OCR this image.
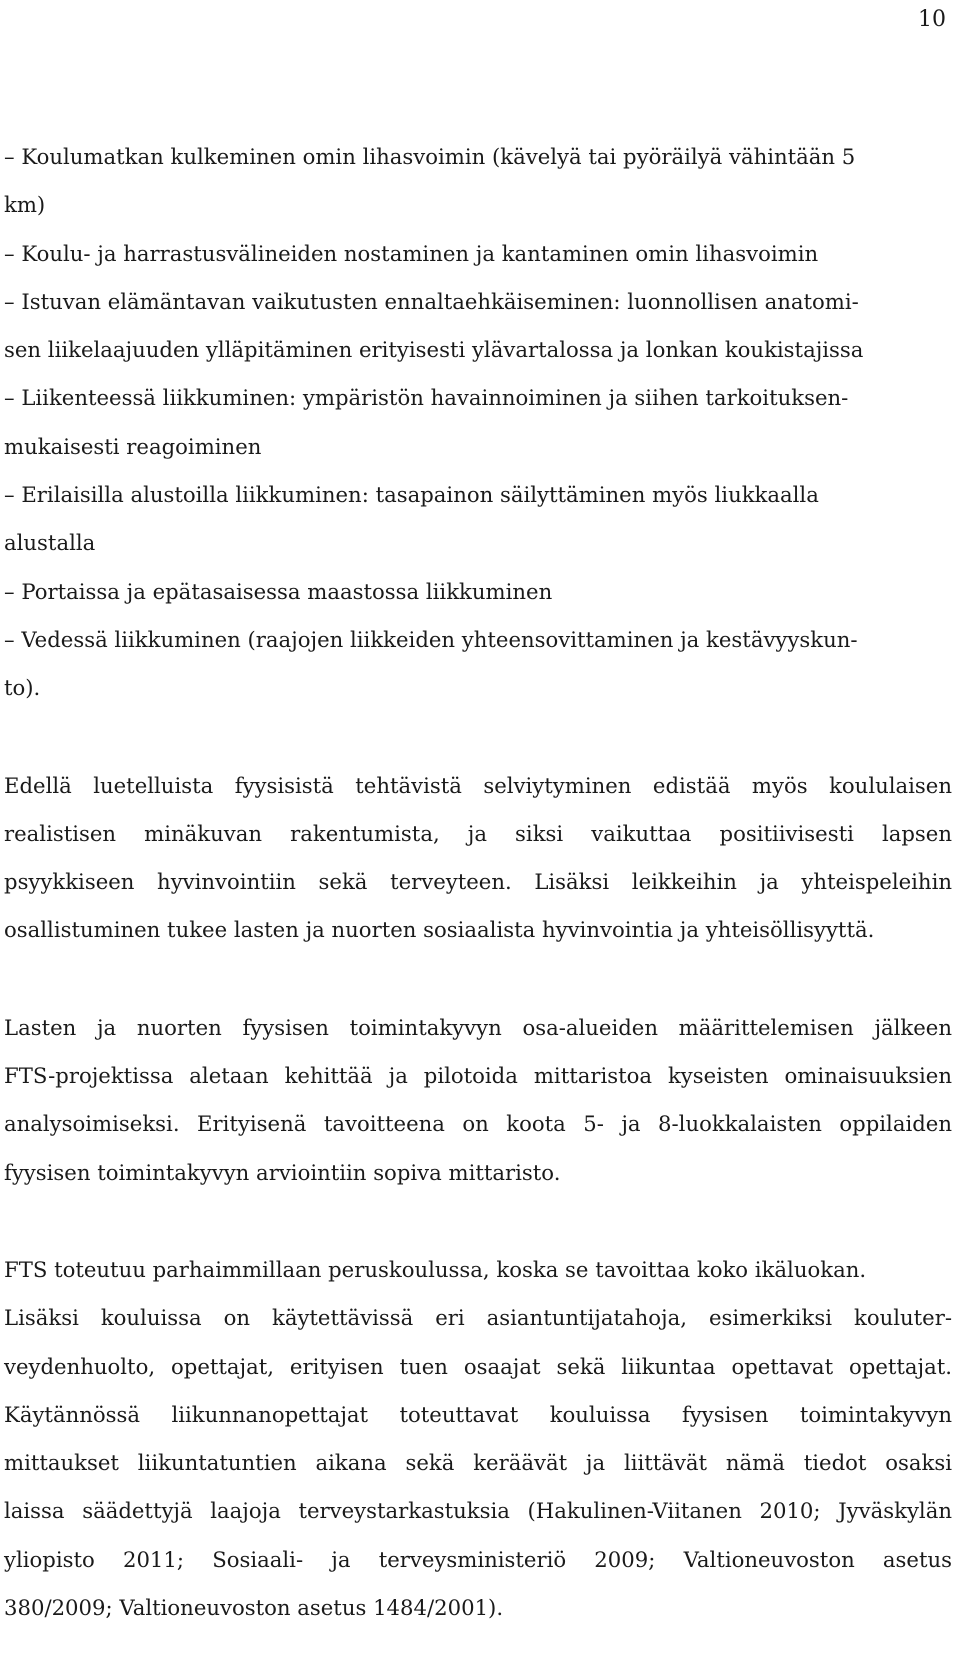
10
– Koulumatkan kulkeminen omin lihasvoimin (kävelyä tai pyöräilyä vähintään 5
km)
– Koulu- ja harrastusvälineiden nostaminen ja kantaminen omin lihasvoimin
– Istuvan elämäntavan vaikutusten ennaltaehkäiseminen: luonnollisen anatomi-
sen liikelaajuuden ylläpitäminen erityisesti ylävartalossa ja lonkan koukistajissa
– Liikenteessä liikkuminen: ympäristön havainnoiminen ja siihen tarkoituksen-
mukaisesti reagoiminen
– Erilaisilla alustoilla liikkuminen: tasapainon säilyttäminen myös liukkaalla
alustalla
– Portaissa ja epätasaisessa maastossa liikkuminen
– Vedessä liikkuminen (raajojen liikkeiden yhteensovittaminen ja kestävyyskun-
to).
Edellä luetelluista fyysisistä tehtävistä selviytyminen edistää myös koululaisen
realistisen minäkuvan rakentumista, ja siksi vaikuttaa positiivisesti lapsen
psyykkiseen hyvinvointiin sekä terveyteen. Lisäksi leikkeihin ja yhteispeleihin
osallistuminen tukee lasten ja nuorten sosiaalista hyvinvointia ja yhteisöllisyyttä.
Lasten ja nuorten fyysisen toimintakyvyn osa-alueiden määrittelemisen jälkeen
FTS-projektissa aletaan kehittää ja pilotoida mittaristoa kyseisten ominaisuuksien
analysoimiseksi. Erityisenä tavoitteena on koota 5- ja 8-luokkalaisten oppilaiden
fyysisen toimintakyvyn arviointiin sopiva mittaristo.
FTS toteutuu parhaimmillaan peruskoulussa, koska se tavoittaa koko ikäluokan.
Lisäksi kouluissa on käytettävissä eri asiantuntijatahoja, esimerkiksi kouluter-
veydenhuolto, opettajat, erityisen tuen osaajat sekä liikuntaa opettavat opettajat.
Käytännössä liikunnanopettajat toteuttavat kouluissa fyysisen toimintakyvyn
mittaukset liikuntatuntien aikana sekä keräävät ja liittävät nämä tiedot osaksi
laissa säädettyjä laajoja terveystarkastuksia (Hakulinen-Viitanen 2010; Jyväskylän
yliopisto 2011; Sosiaali- ja terveysministeriö 2009; Valtioneuvoston asetus
380/2009; Valtioneuvoston asetus 1484/2001).
